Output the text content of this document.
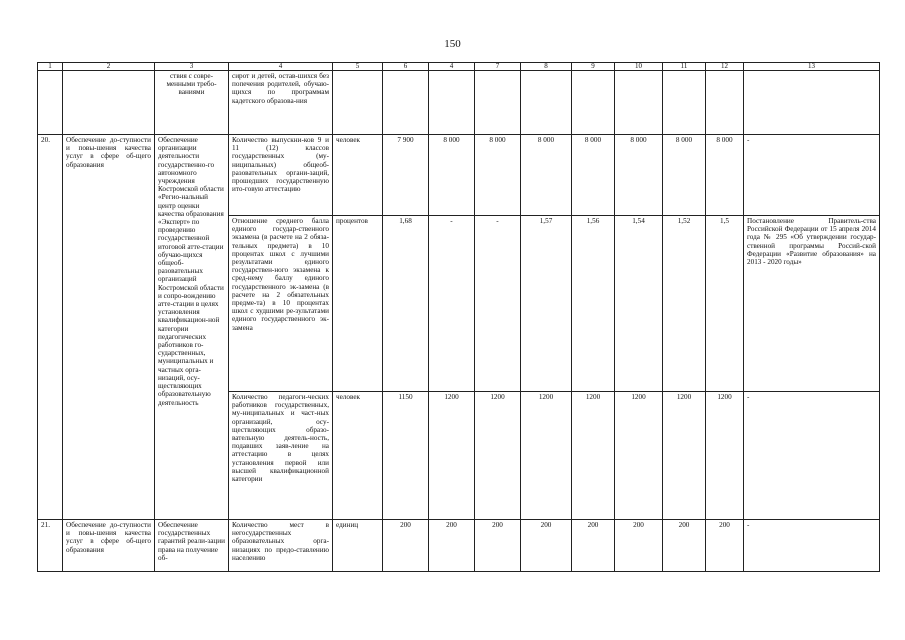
150
1	2	3	4	5	6	4	7	8	9	10	11	12	13
		ствия с совре-менными требо-ваниями	сирот и детей, остав-шихся без попечения родителей, обучаю-щихся по программам кадетского образова-ния										
20.	Обеспечение до-ступности и повы-шения качества услуг в сфере об-щего образования	Обеспечение организации деятельности государственно-го автономного учреждения Костромской области «Регио-нальный центр оценки качества образования «Эксперт» по проведению государственной итоговой атте-стации обучаю-щихся общеоб-разовательных организаций Костромской области и сопро-вождению атте-стации в целях установления квалификацион-ной категории педагогических работников го-сударственных, муниципальных и частных орга-низаций, осу-ществляющих образовательную деятельность	Количество выпускни-ков 9 и 11 (12) классов государственных (му-ниципальных) общеоб-разовательных органи-заций, прошедших государственную ито-говую аттестацию	человек	7 900	8 000	8 000	8 000	8 000	8 000	8 000	8 000	-
			Отношение среднего балла единого государ-ственного экзамена (в расчете на 2 обяза-тельных предмета) в 10 процентах школ с лучшими результатами единого государствен-ного экзамена к сред-нему баллу единого государственного эк-замена (в расчете на 2 обязательных предме-та) в 10 процентах школ с худшими ре-зультатами единого государственного эк-замена	процентов	1,68	-	-	1,57	1,56	1,54	1,52	1,5	Постановление Правитель-ства Российской Федерации от 15 апреля 2014 года № 295 «Об утверждении государ-ственной программы Россий-ской Федерации «Развитие образования» на 2013 - 2020 годы»
			Количество педагоги-ческих работников государственных, му-ниципальных и част-ных организаций, осу-ществляющих образо-вательную деятель-ность, подавших заяв-ление на аттестацию в целях установления первой или высшей квалификационной категории	человек	1150	1200	1200	1200	1200	1200	1200	1200	-
21.	Обеспечение до-ступности и повы-шения качества услуг в сфере об-щего образования	Обеспечение государственных гарантий реали-зации права на получение об-	Количество мест в негосударственных образовательных орга-низациях по предо-ставлению населению	единиц	200	200	200	200	200	200	200	200	-
